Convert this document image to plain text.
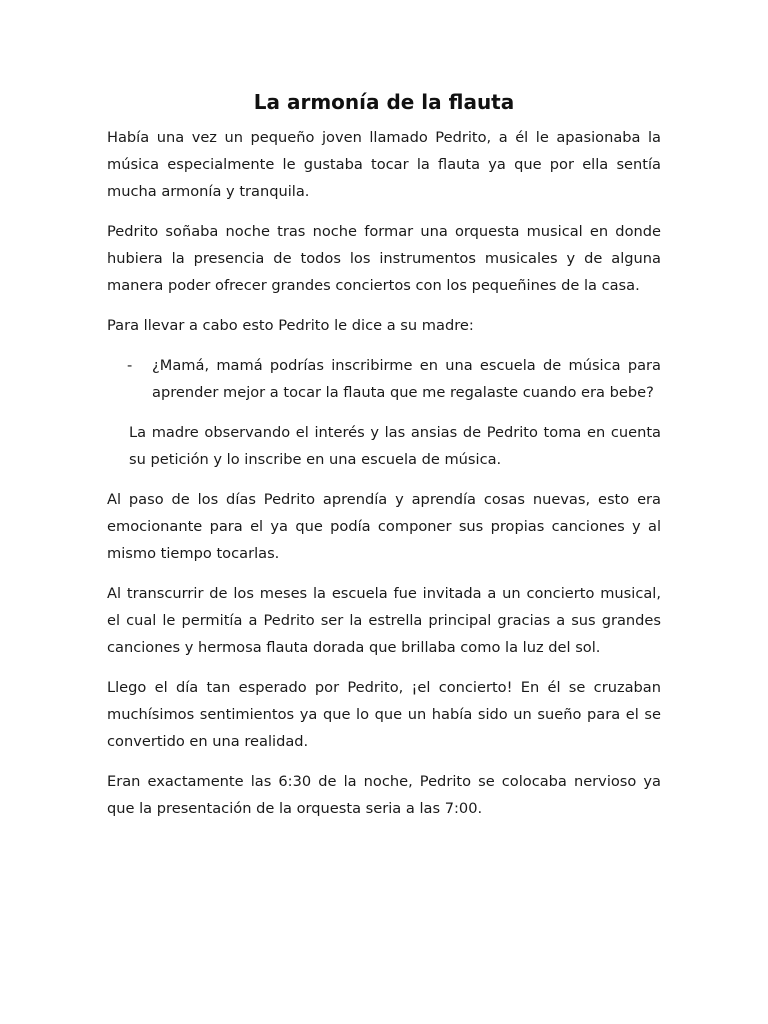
La armonía de la flauta

Había una vez un pequeño joven llamado Pedrito, a él le apasionaba la música especialmente le gustaba tocar la flauta ya que por ella sentía mucha armonía y tranquila.

Pedrito soñaba noche tras noche formar una orquesta musical en donde hubiera la presencia de todos los instrumentos musicales y de alguna manera poder ofrecer grandes conciertos con los pequeñines de la casa.

Para llevar a cabo esto Pedrito le dice a su madre:

- ¿Mamá, mamá podrías inscribirme en una escuela de música para aprender mejor a tocar la flauta que me regalaste cuando era bebe?

La madre observando el interés y las ansias de Pedrito toma en cuenta su petición y lo inscribe en una escuela de música.

Al paso de los días Pedrito aprendía y aprendía cosas nuevas, esto era emocionante para el ya que podía componer sus propias canciones y al mismo tiempo tocarlas.

Al transcurrir de los meses la escuela fue invitada a un concierto musical, el cual le permitía a Pedrito ser la estrella principal gracias a sus grandes canciones y hermosa flauta dorada que brillaba como la luz del sol.

Llego el día tan esperado por Pedrito, ¡el concierto! En él se cruzaban muchísimos sentimientos ya que lo que un había sido un sueño para el se convertido en una realidad.

Eran exactamente las 6:30 de la noche, Pedrito se colocaba nervioso ya que la presentación de la orquesta seria a las 7:00.
